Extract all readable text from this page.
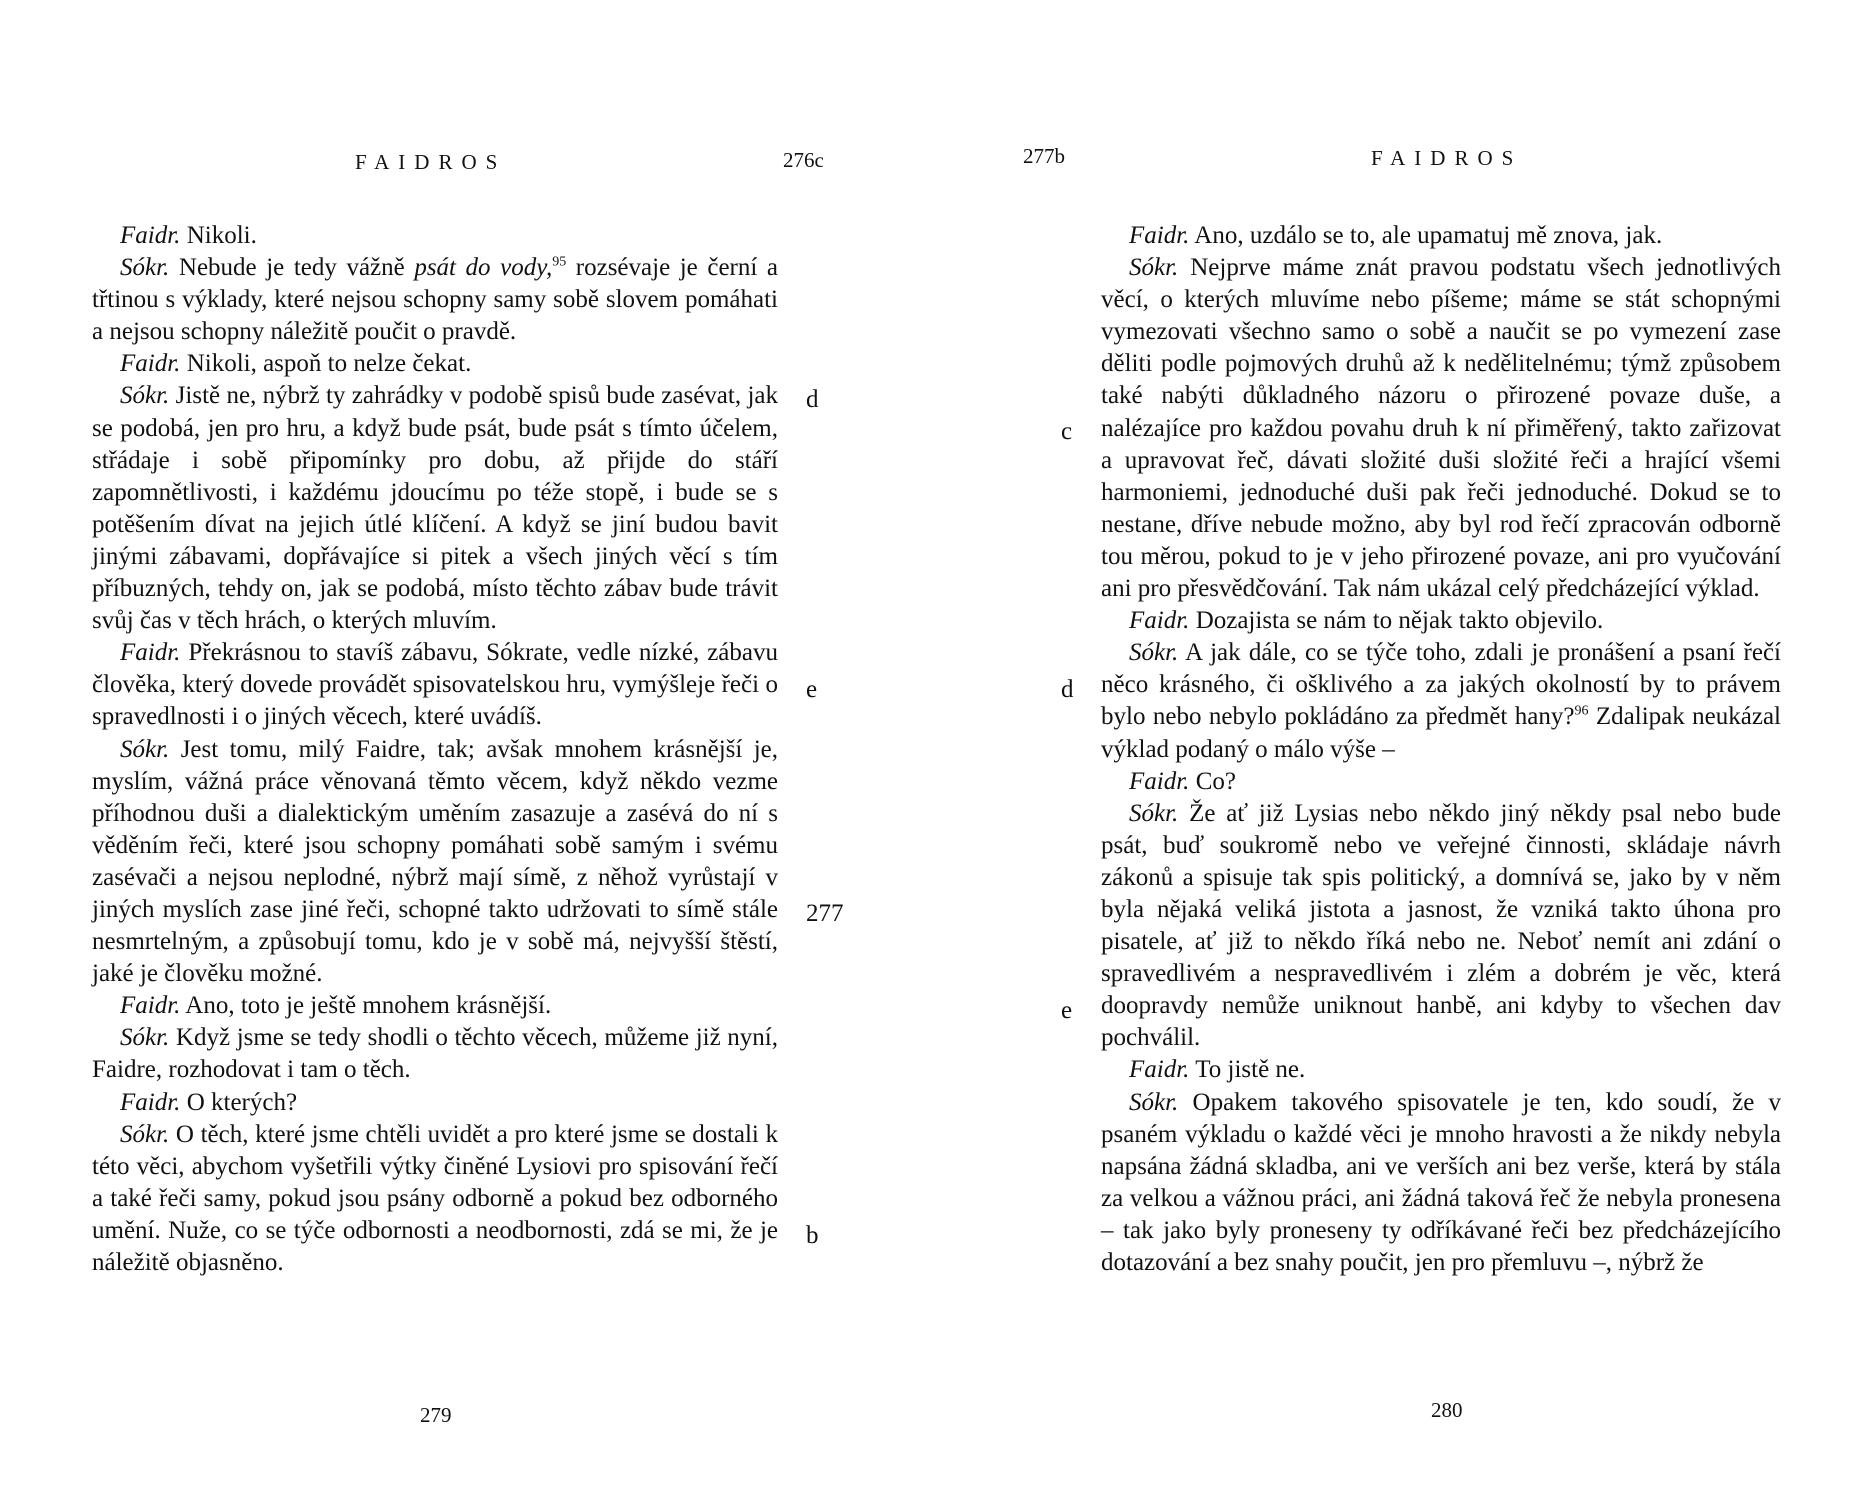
FAIDROS	276c

Faidr. Nikoli.

Sókr. Nebude je tedy vážně psát do vody,$^{95}$ rozsévaje je černí a třtinou s výklady, které nejsou schopny samy sobě slovem pomáhati a nejsou schopny náležitě poučit o pravdě.

Faidr. Nikoli, aspoň to nelze čekat.

Sókr. Jistě ne, nýbrž ty zahrádky v podobě spisů bude zasévat, jak se podobá, jen pro hru, a když bude psát, bude psát s tímto účelem, střádaje i sobě připomínky pro dobu, až přijde do stáří zapomnětlivosti, i každému jdoucímu po téže stopě, i bude se s potěšením dívat na jejich útlé klíčení. A když se jiní budou bavit jinými zábavami, dopřávajíce si pitek a všech jiných věcí s tím příbuzných, tehdy on, jak se podobá, místo těchto zábav bude trávit svůj čas v těch hrách, o kterých mluvím.

Faidr. Překrásnou to stavíš zábavu, Sókrate, vedle nízké, zábavu člověka, který dovede provádět spisovatelskou hru, vymýšleje řeči o spravedlnosti i o jiných věcech, které uvádíš.

Sókr. Jest tomu, milý Faidre, tak; avšak mnohem krásnější je, myslím, vážná práce věnovaná těmto věcem, když někdo vezme příhodnou duši a dialektickým uměním zasazuje a zasévá do ní s věděním řeči, které jsou schopny pomáhati sobě samým i svému zasévači a nejsou neplodné, nýbrž mají símě, z něhož vyrůstají v jiných myslích zase jiné řeči, schopné takto udržovati to símě stále nesmrtelným, a způsobují tomu, kdo je v sobě má, nejvyšší štěstí, jaké je člověku možné.

Faidr. Ano, toto je ještě mnohem krásnější.

Sókr. Když jsme se tedy shodli o těchto věcech, můžeme již nyní, Faidre, rozhodovat i tam o těch.

Faidr. O kterých?

Sókr. O těch, které jsme chtěli uvidět a pro které jsme se dostali k této věci, abychom vyšetřili výtky činěné Lysiovi pro spisování řečí a také řeči samy, pokud jsou psány odborně a pokud bez odborného umění. Nuže, co se týče odbornosti a neodbornosti, zdá se mi, že je náležitě objasněno.

d
e
277
b
279
277b	FAIDROS

Faidr. Ano, uzdálo se to, ale upamatuj mě znova, jak.

Sókr. Nejprve máme znát pravou podstatu všech jednotlivých věcí, o kterých mluvíme nebo píšeme; máme se stát schopnými vymezovati všechno samo o sobě a naučit se po vymezení zase děliti podle pojmových druhů až k nedělitelnému; týmž způsobem také nabýti důkladného názoru o přirozené povaze duše, a nalézajíce pro každou povahu druh k ní přiměřený, takto zařizovat a upravovat řeč, dávati složité duši složité řeči a hrající všemi harmoniemi, jednoduché duši pak řeči jednoduché. Dokud se to nestane, dříve nebude možno, aby byl rod řečí zpracován odborně tou měrou, pokud to je v jeho přirozené povaze, ani pro vyučování ani pro přesvědčování. Tak nám ukázal celý předcházející výklad.

Faidr. Dozajista se nám to nějak takto objevilo.

Sókr. A jak dále, co se týče toho, zdali je pronášení a psaní řečí něco krásného, či ošklivého a za jakých okolností by to právem bylo nebo nebylo pokládáno za předmět hany?$^{96}$ Zdalipak neukázal výklad podaný o málo výše –

Faidr. Co?

Sókr. Že ať již Lysias nebo někdo jiný někdy psal nebo bude psát, buď soukromě nebo ve veřejné činnosti, skládaje návrh zákonů a spisuje tak spis politický, a domnívá se, jako by v něm byla nějaká veliká jistota a jasnost, že vzniká takto úhona pro pisatele, ať již to někdo říká nebo ne. Neboť nemít ani zdání o spravedlivém a nespravedlivém i zlém a dobrém je věc, která doopravdy nemůže uniknout hanbě, ani kdyby to všechen dav pochválil.

Faidr. To jistě ne.

Sókr. Opakem takového spisovatele je ten, kdo soudí, že v psaném výkladu o každé věci je mnoho hravosti a že nikdy nebyla napsána žádná skladba, ani ve verších ani bez verše, která by stála za velkou a vážnou práci, ani žádná taková řeč že nebyla pronesena – tak jako byly proneseny ty odříkávané řeči bez předcházejícího dotazování a bez snahy poučit, jen pro přemluvu –, nýbrž že

c
d
e
280
